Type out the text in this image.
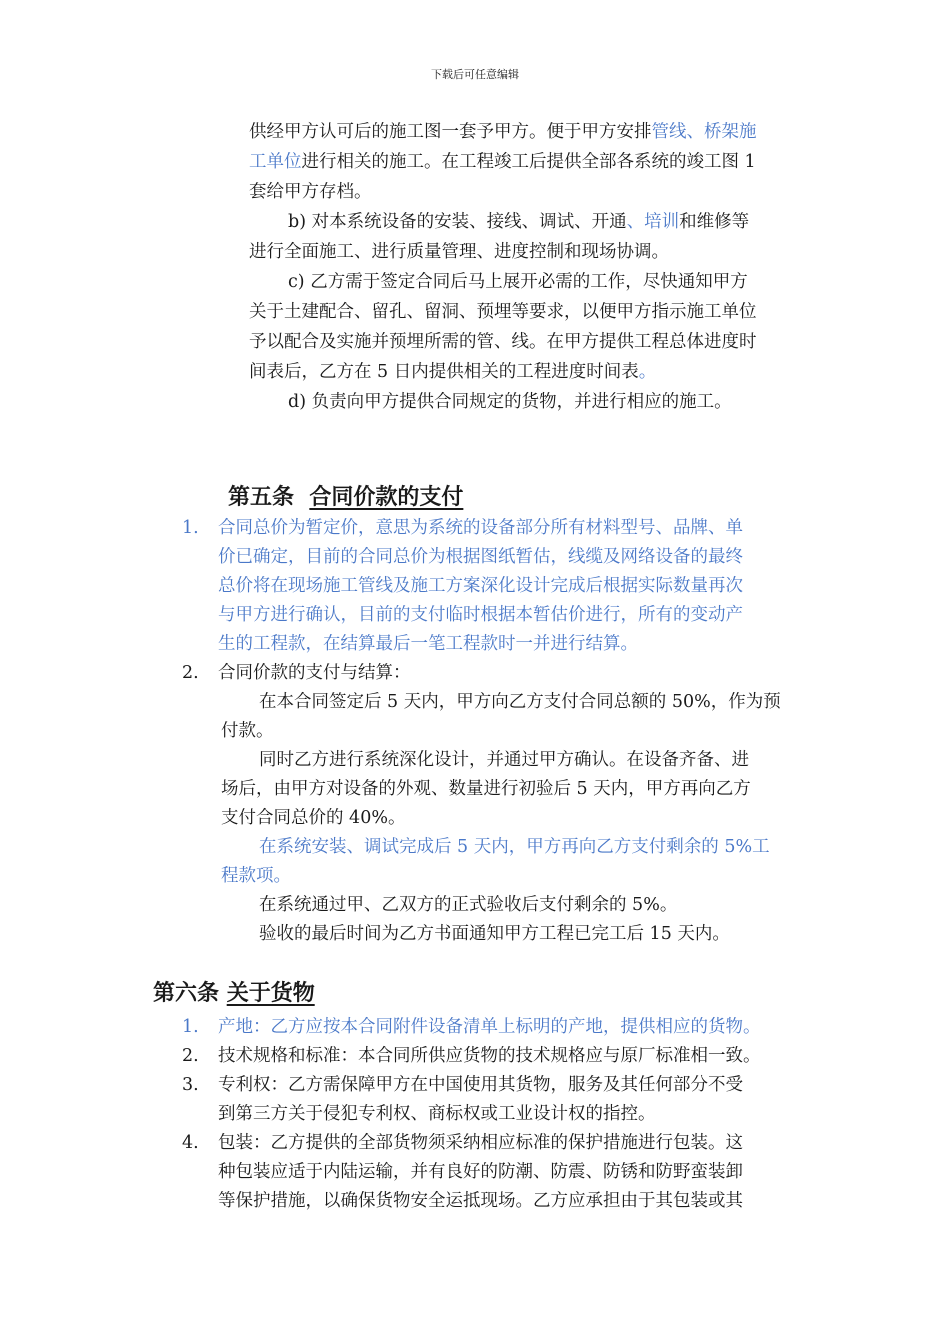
下载后可任意编辑
供经甲方认可后的施工图一套予甲方。便于甲方安排管线、桥架施
工单位进行相关的施工。在工程竣工后提供全部各系统的竣工图 1
套给甲方存档。
b) 对本系统设备的安装、接线、调试、开通、培训和维修等
进行全面施工、进行质量管理、进度控制和现场协调。
c) 乙方需于签定合同后马上展开必需的工作，尽快通知甲方
关于土建配合、留孔、留洞、预埋等要求，以便甲方指示施工单位
予以配合及实施并预埋所需的管、线。在甲方提供工程总体进度时
间表后，乙方在 5 日内提供相关的工程进度时间表。
d) 负责向甲方提供合同规定的货物，并进行相应的施工。
第五条 合同价款的支付
1. 合同总价为暂定价，意思为系统的设备部分所有材料型号、品牌、单
价已确定，目前的合同总价为根据图纸暂估，线缆及网络设备的最终
总价将在现场施工管线及施工方案深化设计完成后根据实际数量再次
与甲方进行确认，目前的支付临时根据本暂估价进行，所有的变动产
生的工程款，在结算最后一笔工程款时一并进行结算。
2. 合同价款的支付与结算：
在本合同签定后 5 天内，甲方向乙方支付合同总额的 50%，作为预
付款。
同时乙方进行系统深化设计，并通过甲方确认。在设备齐备、进
场后，由甲方对设备的外观、数量进行初验后 5 天内，甲方再向乙方
支付合同总价的 40%。
在系统安装、调试完成后 5 天内，甲方再向乙方支付剩余的 5%工
程款项。
在系统通过甲、乙双方的正式验收后支付剩余的 5%。
验收的最后时间为乙方书面通知甲方工程已完工后 15 天内。
第六条 关于货物
1. 产地：乙方应按本合同附件设备清单上标明的产地，提供相应的货物。
2. 技术规格和标准：本合同所供应货物的技术规格应与原厂标准相一致。
3. 专利权：乙方需保障甲方在中国使用其货物，服务及其任何部分不受
到第三方关于侵犯专利权、商标权或工业设计权的指控。
4. 包装：乙方提供的全部货物须采纳相应标准的保护措施进行包装。这
种包装应适于内陆运输，并有良好的防潮、防震、防锈和防野蛮装卸
等保护措施，以确保货物安全运抵现场。乙方应承担由于其包装或其
